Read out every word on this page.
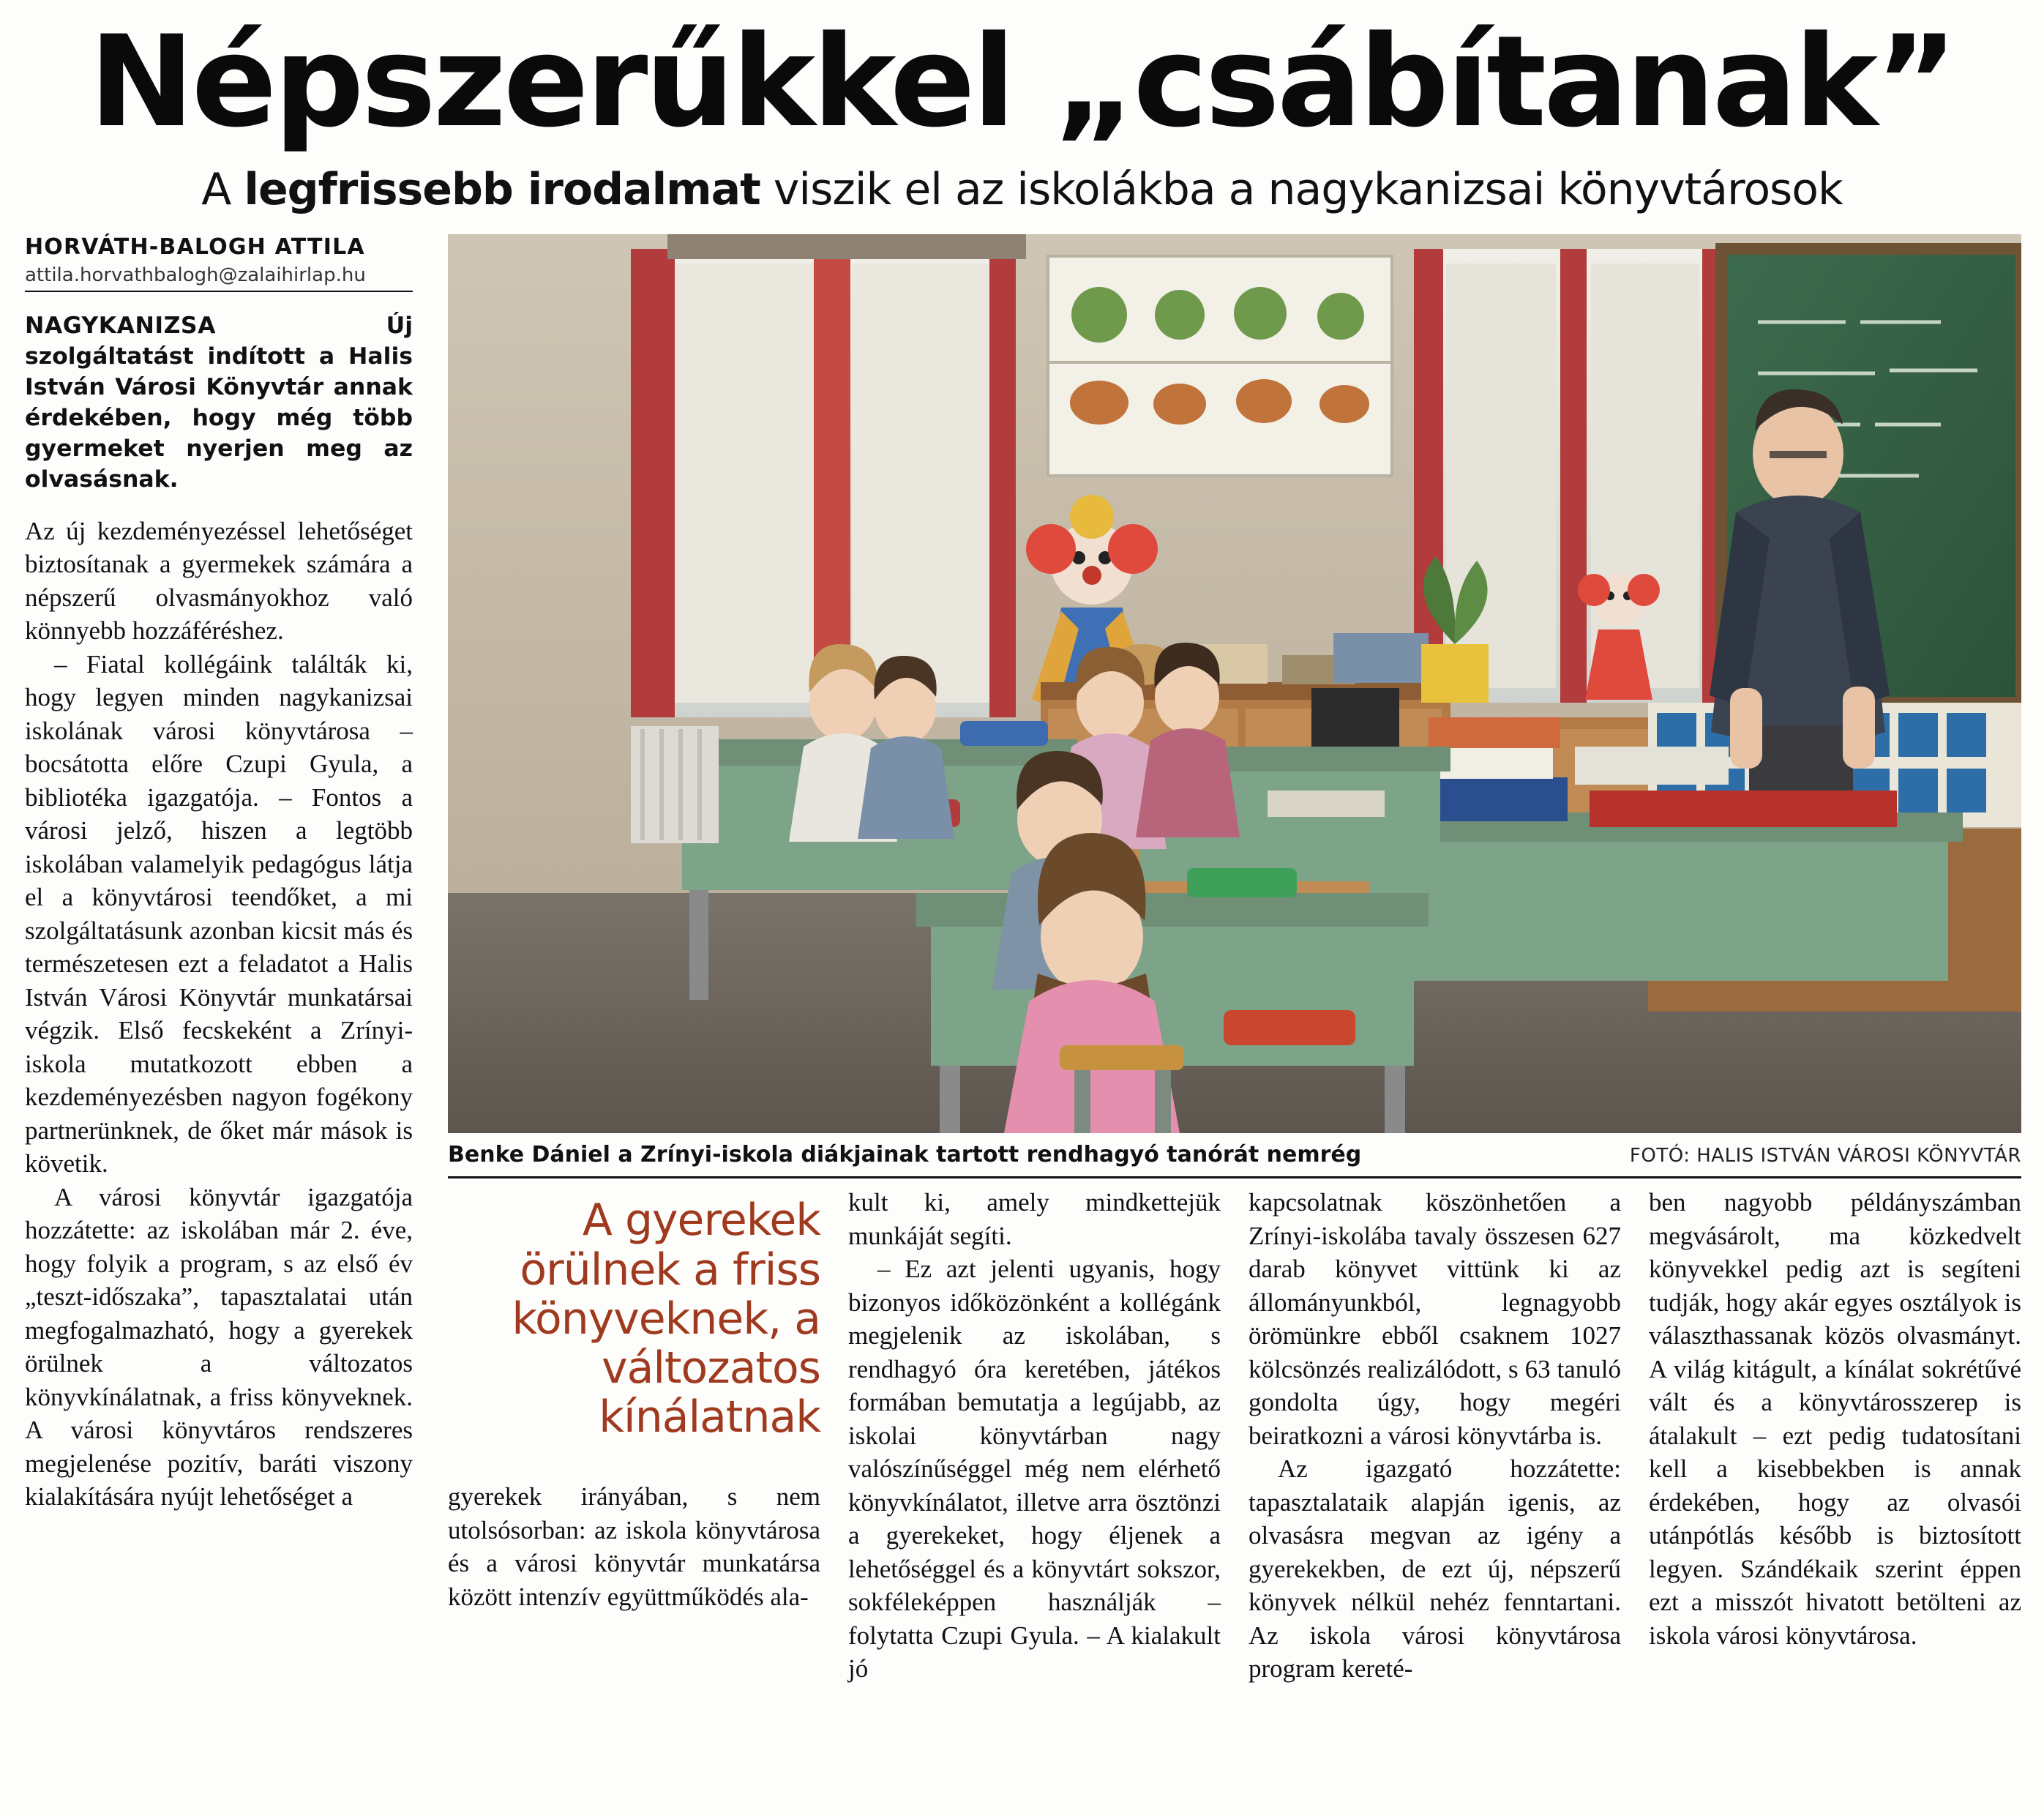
Népszerűkkel „csábítanak”
A legfrissebb irodalmat viszik el az iskolákba a nagykanizsai könyvtárosok
HORVÁTH-BALOGH ATTILA
attila.horvathbalogh@zalaihirlap.hu
NAGYKANIZSA Új szolgáltatást indított a Halis István Városi Könyvtár annak érdekében, hogy még több gyermeket nyerjen meg az olvasásnak.

Az új kezdeményezéssel lehetőséget biztosítanak a gyermekek számára a népszerű olvasmányokhoz való könnyebb hozzáféréshez.

– Fiatal kollégáink találták ki, hogy legyen minden nagykanizsai iskolának városi könyvtárosa – bocsátotta előre Czupi Gyula, a bibliotéka igazgatója. – Fontos a városi jelző, hiszen a legtöbb iskolában valamelyik pedagógus látja el a könyvtárosi teendőket, a mi szolgáltatásunk azonban kicsit más és természetesen ezt a feladatot a Halis István Városi Könyvtár munkatársai végzik. Első fecskeként a Zrínyi-iskola mutatkozott ebben a kezdeményezésben nagyon fogékony partnerünknek, de őket már mások is követik.

A városi könyvtár igazgatója hozzátette: az iskolában már 2. éve, hogy folyik a program, s az első év „teszt-időszaka”, tapasztalatai után megfogalmazható, hogy a gyerekek örülnek a változatos könyvkínálatnak, a friss könyveknek. A városi könyvtáros rendszeres megjelenése pozitív, baráti viszony kialakítására nyújt lehetőséget a

Benke Dániel a Zrínyi-iskola diákjainak tartott rendhagyó tanórát nemrég	FOTÓ: HALIS ISTVÁN VÁROSI KÖNYVTÁR
A gyerekek örülnek a friss könyveknek, a változatos kínálatnak

gyerekek irányában, s nem utolsósorban: az iskola könyvtárosa és a városi könyvtár munkatársa között intenzív együttműködés ala-

kult ki, amely mindkettejük munkáját segíti.

– Ez azt jelenti ugyanis, hogy bizonyos időközönként a kollégánk megjelenik az iskolában, s rendhagyó óra keretében, játékos formában bemutatja a legújabb, az iskolai könyvtárban nagy valószínűséggel még nem elérhető könyvkínálatot, illetve arra ösztönzi a gyerekeket, hogy éljenek a lehetőséggel és a könyvtárt sokszor, sokféleképpen használják – folytatta Czupi Gyula. – A kialakult jó

kapcsolatnak köszönhetően a Zrínyi-iskolába tavaly összesen 627 darab könyvet vittünk ki az állományunkból, legnagyobb örömünkre ebből csaknem 1027 kölcsönzés realizálódott, s 63 tanuló gondolta úgy, hogy megéri beiratkozni a városi könyvtárba is.

Az igazgató hozzátette: tapasztalataik alapján igenis, az olvasásra megvan az igény a gyerekekben, de ezt új, népszerű könyvek nélkül nehéz fenntartani. Az iskola városi könyvtárosa program kereté-

ben nagyobb példányszámban megvásárolt, ma közkedvelt könyvekkel pedig azt is segíteni tudják, hogy akár egyes osztályok is választhassanak közös olvasmányt. A világ kitágult, a kínálat sokrétűvé vált és a könyvtárosszerep is átalakult – ezt pedig tudatosítani kell a kisebbekben is annak érdekében, hogy az olvasói utánpótlás később is biztosított legyen. Szándékaik szerint éppen ezt a misszót hivatott betölteni az iskola városi könyvtárosa.
